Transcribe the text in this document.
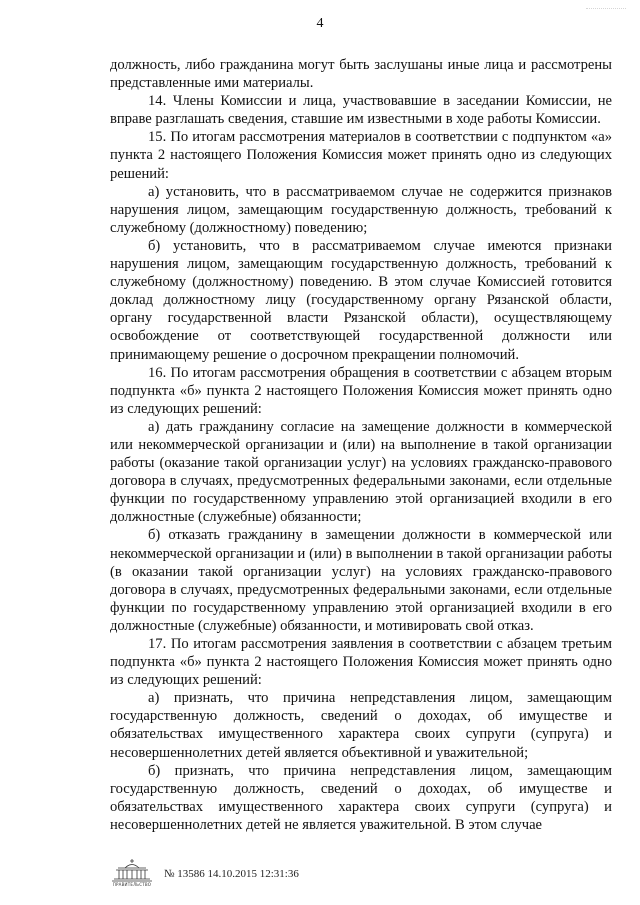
4

должность, либо гражданина могут быть заслушаны иные лица и рассмотрены представленные ими материалы.

14. Члены Комиссии и лица, участвовавшие в заседании Комиссии, не вправе разглашать сведения, ставшие им известными в ходе работы Комиссии.

15. По итогам рассмотрения материалов в соответствии с подпунктом «а» пункта 2 настоящего Положения Комиссия может принять одно из следующих решений:

а) установить, что в рассматриваемом случае не содержится признаков нарушения лицом, замещающим государственную должность, требований к служебному (должностному) поведению;

б) установить, что в рассматриваемом случае имеются признаки нарушения лицом, замещающим государственную должность, требований к служебному (должностному) поведению. В этом случае Комиссией готовится доклад должностному лицу (государственному органу Рязанской области, органу государственной власти Рязанской области), осуществляющему освобождение от соответствующей государственной должности или принимающему решение о досрочном прекращении полномочий.

16. По итогам рассмотрения обращения в соответствии с абзацем вторым подпункта «б» пункта 2 настоящего Положения Комиссия может принять одно из следующих решений:

а) дать гражданину согласие на замещение должности в коммерческой или некоммерческой организации и (или) на выполнение в такой организации работы (оказание такой организации услуг) на условиях гражданско-правового договора в случаях, предусмотренных федеральными законами, если отдельные функции по государственному управлению этой организацией входили в его должностные (служебные) обязанности;

б) отказать гражданину в замещении должности в коммерческой или некоммерческой организации и (или) в выполнении в такой организации работы (в оказании такой организации услуг) на условиях гражданско-правового договора в случаях, предусмотренных федеральными законами, если отдельные функции по государственному управлению этой организацией входили в его должностные (служебные) обязанности, и мотивировать свой отказ.

17. По итогам рассмотрения заявления в соответствии с абзацем третьим подпункта «б» пункта 2 настоящего Положения Комиссия может принять одно из следующих решений:

а) признать, что причина непредставления лицом, замещающим государственную должность, сведений о доходах, об имуществе и обязательствах имущественного характера своих супруги (супруга) и несовершеннолетних детей является объективной и уважительной;

б) признать, что причина непредставления лицом, замещающим государственную должность, сведений о доходах, об имуществе и обязательствах имущественного характера своих супруги (супруга) и несовершеннолетних детей не является уважительной. В этом случае

ПРАВИТЕЛЬСТВО
№ 13586 14.10.2015 12:31:36
